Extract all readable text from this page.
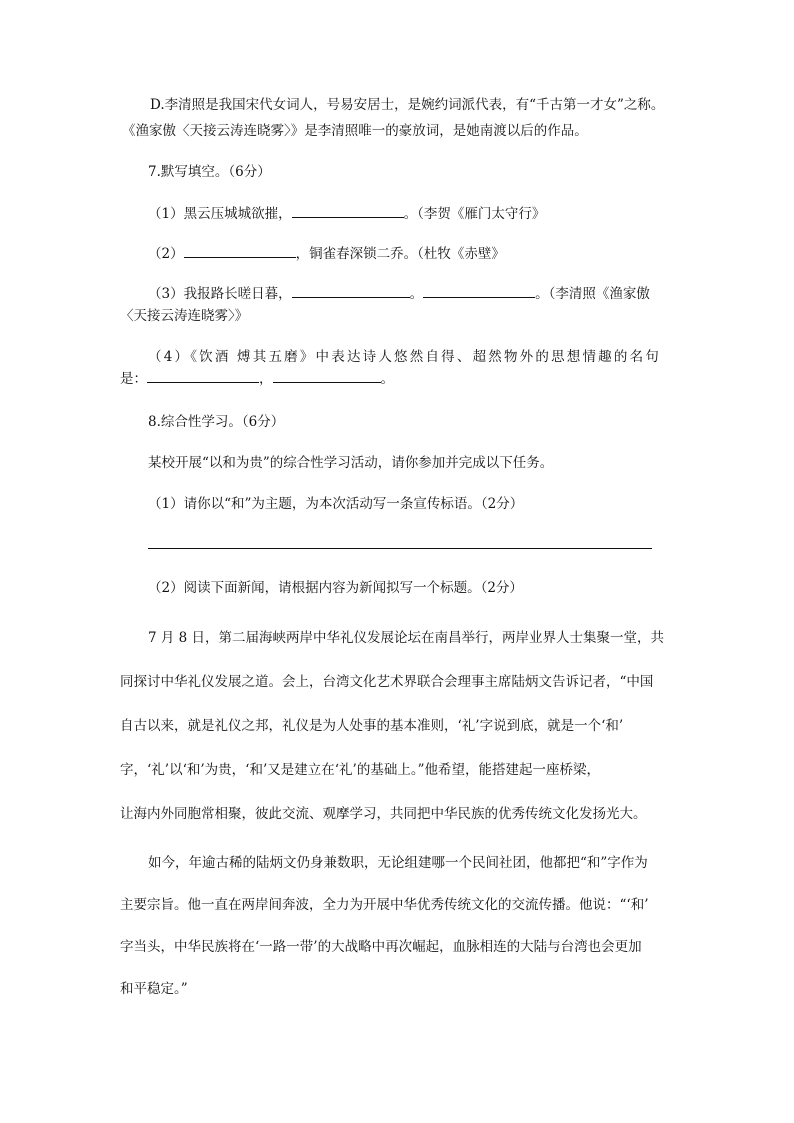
D.李清照是我国宋代女词人，号易安居士，是婉约词派代表，有“千古第一才女”之称。
《渔家傲〈天接云涛连晓雾〉》是李清照唯一的豪放词，是她南渡以后的作品。
7.默写填空。（6分）
（1）黑云压城城欲摧，	。（李贺《雁门太守行》
（2）	，铜雀春深锁二乔。（杜牧《赤壁》
（3）我报路长嗟日暮，	。	。（李清照《渔家傲
〈天接云涛连晓雾〉》
（4）《饮酒 煿其五磨》中表达诗人悠然自得、超然物外的思想情趣的名句
是：	，	。
8.综合性学习。（6分）
某校开展“以和为贵”的综合性学习活动，请你参加并完成以下任务。
（1）请你以“和”为主题，为本次活动写一条宣传标语。（2分）
（2）阅读下面新闻，请根据内容为新闻拟写一个标题。（2分）
7 月 8 日，第二届海峡两岸中华礼仪发展论坛在南昌举行，两岸业界人士集聚一堂，共
同探讨中华礼仪发展之道。会上，台湾文化艺术界联合会理事主席陆炳文告诉记者，“中国
自古以来，就是礼仪之邦，礼仪是为人处事的基本准则，‘礼’字说到底，就是一个‘和’
字，‘礼’以‘和’为贵，‘和’又是建立在‘礼’的基础上。”他希望，能搭建起一座桥梁，
让海内外同胞常相聚，彼此交流、观摩学习，共同把中华民族的优秀传统文化发扬光大。
如今，年逾古稀的陆炳文仍身兼数职，无论组建哪一个民间社团，他都把“和”字作为
主要宗旨。他一直在两岸间奔波，全力为开展中华优秀传统文化的交流传播。他说：“‘和’
字当头，中华民族将在‘一路一带’的大战略中再次崛起，血脉相连的大陆与台湾也会更加
和平稳定。”
